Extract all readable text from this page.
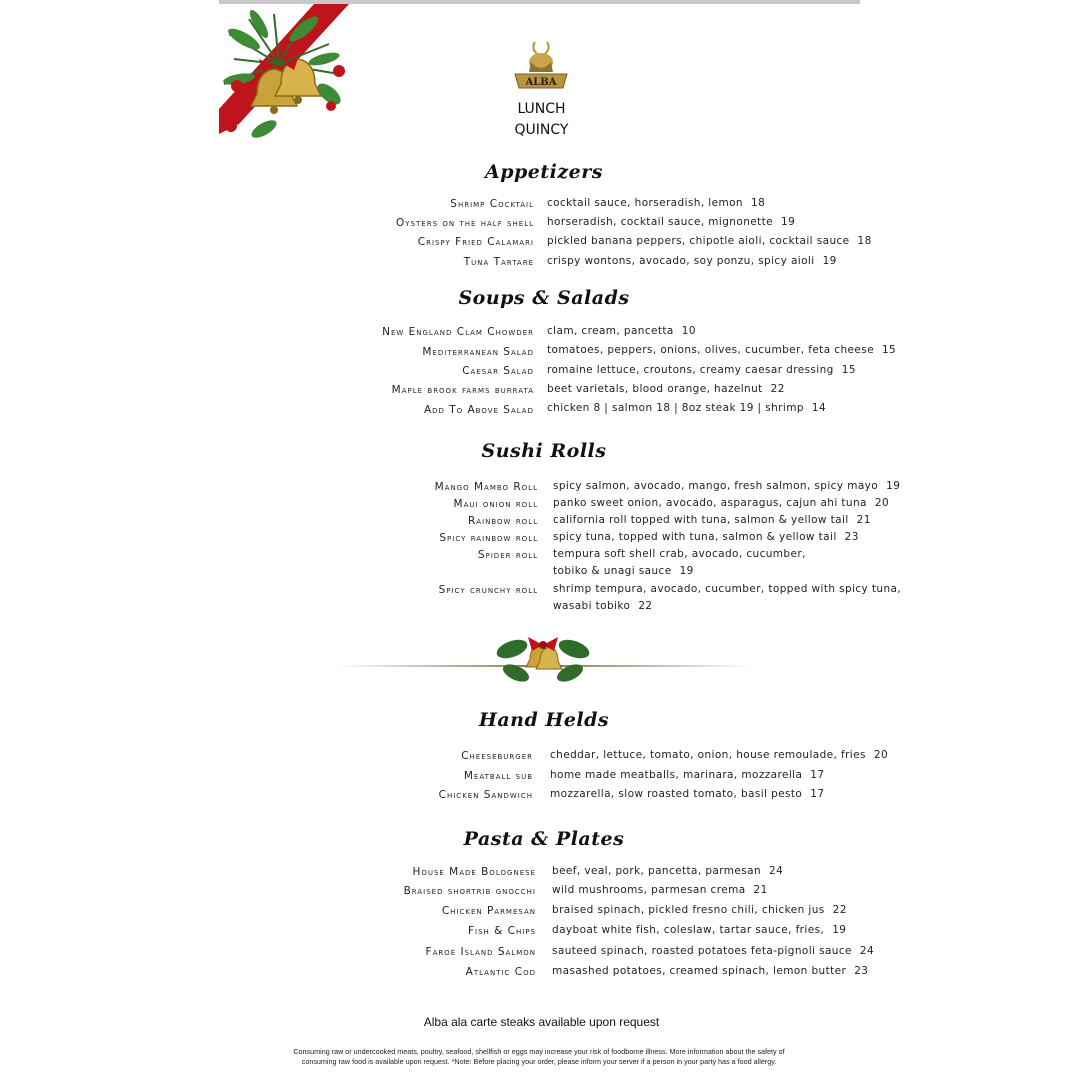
ALBA
LUNCH
QUINCY
Appetizers
Soups & Salads
Sushi Rolls
Hand Helds
Pasta & Plates
Shrimp Cocktail cocktail sauce, horseradish, lemon 18
Oysters on the half shell horseradish, cocktail sauce, mignonette 19
Crispy Fried Calamari pickled banana peppers, chipotle aioli, cocktail sauce 18
Tuna Tartare crispy wontons, avocado, soy ponzu, spicy aioli 19
New England Clam Chowder clam, cream, pancetta 10
Mediterranean Salad tomatoes, peppers, onions, olives, cucumber, feta cheese 15
Caesar Salad romaine lettuce, croutons, creamy caesar dressing 15
Maple brook farms burrata beet varietals, blood orange, hazelnut 22
Add To Above Salad chicken 8 | salmon 18 | 8oz steak 19 | shrimp 14
Mango Mambo Roll spicy salmon, avocado, mango, fresh salmon, spicy mayo 19
Maui onion roll panko sweet onion, avocado, asparagus, cajun ahi tuna 20
Rainbow roll california roll topped with tuna, salmon & yellow tail 21
Spicy rainbow roll spicy tuna, topped with tuna, salmon & yellow tail 23
Spider roll tempura soft shell crab, avocado, cucumber,
tobiko & unagi sauce 19
Spicy crunchy roll shrimp tempura, avocado, cucumber, topped with spicy tuna,
wasabi tobiko 22
Cheeseburger cheddar, lettuce, tomato, onion, house remoulade, fries 20
Meatball sub home made meatballs, marinara, mozzarella 17
Chicken Sandwich mozzarella, slow roasted tomato, basil pesto 17
House Made Bolognese beef, veal, pork, pancetta, parmesan 24
Braised shortrib gnocchi wild mushrooms, parmesan crema 21
Chicken Parmesan braised spinach, pickled fresno chili, chicken jus 22
Fish & Chips dayboat white fish, coleslaw, tartar sauce, fries, 19
Faroe Island Salmon sauteed spinach, roasted potatoes feta-pignoli sauce 24
Atlantic Cod masashed potatoes, creamed spinach, lemon butter 23
Alba ala carte steaks available upon request
Consuming raw or undercooked meats, poultry, seafood, shellfish or eggs may increase your risk of foodborne illness. More information about the safety of
consuming raw food is available upon request. *Note: Before placing your order, please inform your server if a person in your party has a food allergy.
